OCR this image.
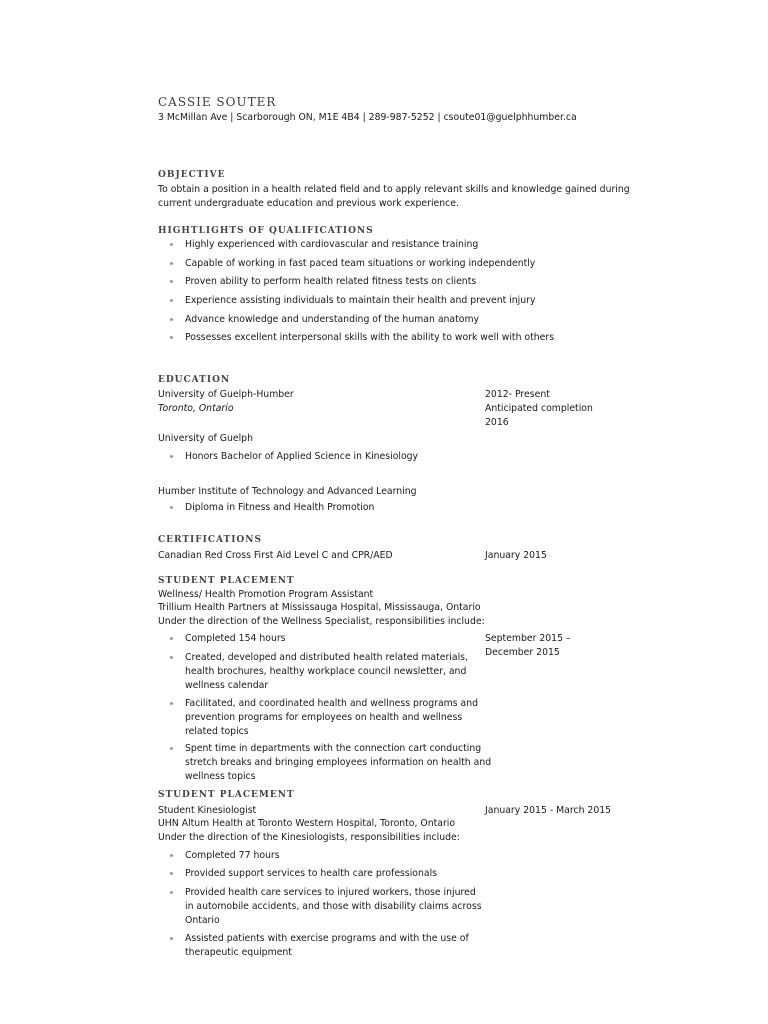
CASSIE SOUTER
3 McMillan Ave | Scarborough ON, M1E 4B4 | 289-987-5252 | csoute01@guelphhumber.ca
OBJECTIVE
To obtain a position in a health related field and to apply relevant skills and knowledge gained during
current undergraduate education and previous work experience.
HIGHTLIGHTS OF QUALIFICATIONS
Highly experienced with cardiovascular and resistance training
Capable of working in fast paced team situations or working independently
Proven ability to perform health related fitness tests on clients
Experience assisting individuals to maintain their health and prevent injury
Advance knowledge and understanding of the human anatomy
Possesses excellent interpersonal skills with the ability to work well with others
EDUCATION
University of Guelph-Humber
Toronto, Ontario
2012- Present
Anticipated completion
2016
University of Guelph
Honors Bachelor of Applied Science in Kinesiology
Humber Institute of Technology and Advanced Learning
Diploma in Fitness and Health Promotion
CERTIFICATIONS
Canadian Red Cross First Aid Level C and CPR/AED	January 2015
STUDENT PLACEMENT
Wellness/ Health Promotion Program Assistant
Trillium Health Partners at Mississauga Hospital, Mississauga, Ontario
Under the direction of the Wellness Specialist, responsibilities include:
September 2015 –
December 2015
Completed 154 hours
Created, developed and distributed health related materials,
health brochures, healthy workplace council newsletter, and
wellness calendar
Facilitated, and coordinated health and wellness programs and
prevention programs for employees on health and wellness
related topics
Spent time in departments with the connection cart conducting
stretch breaks and bringing employees information on health and
wellness topics
STUDENT PLACEMENT
Student Kinesiologist
UHN Altum Health at Toronto Western Hospital, Toronto, Ontario
Under the direction of the Kinesiologists, responsibilities include:
January 2015 - March 2015
Completed 77 hours
Provided support services to health care professionals
Provided health care services to injured workers, those injured
in automobile accidents, and those with disability claims across
Ontario
Assisted patients with exercise programs and with the use of
therapeutic equipment
